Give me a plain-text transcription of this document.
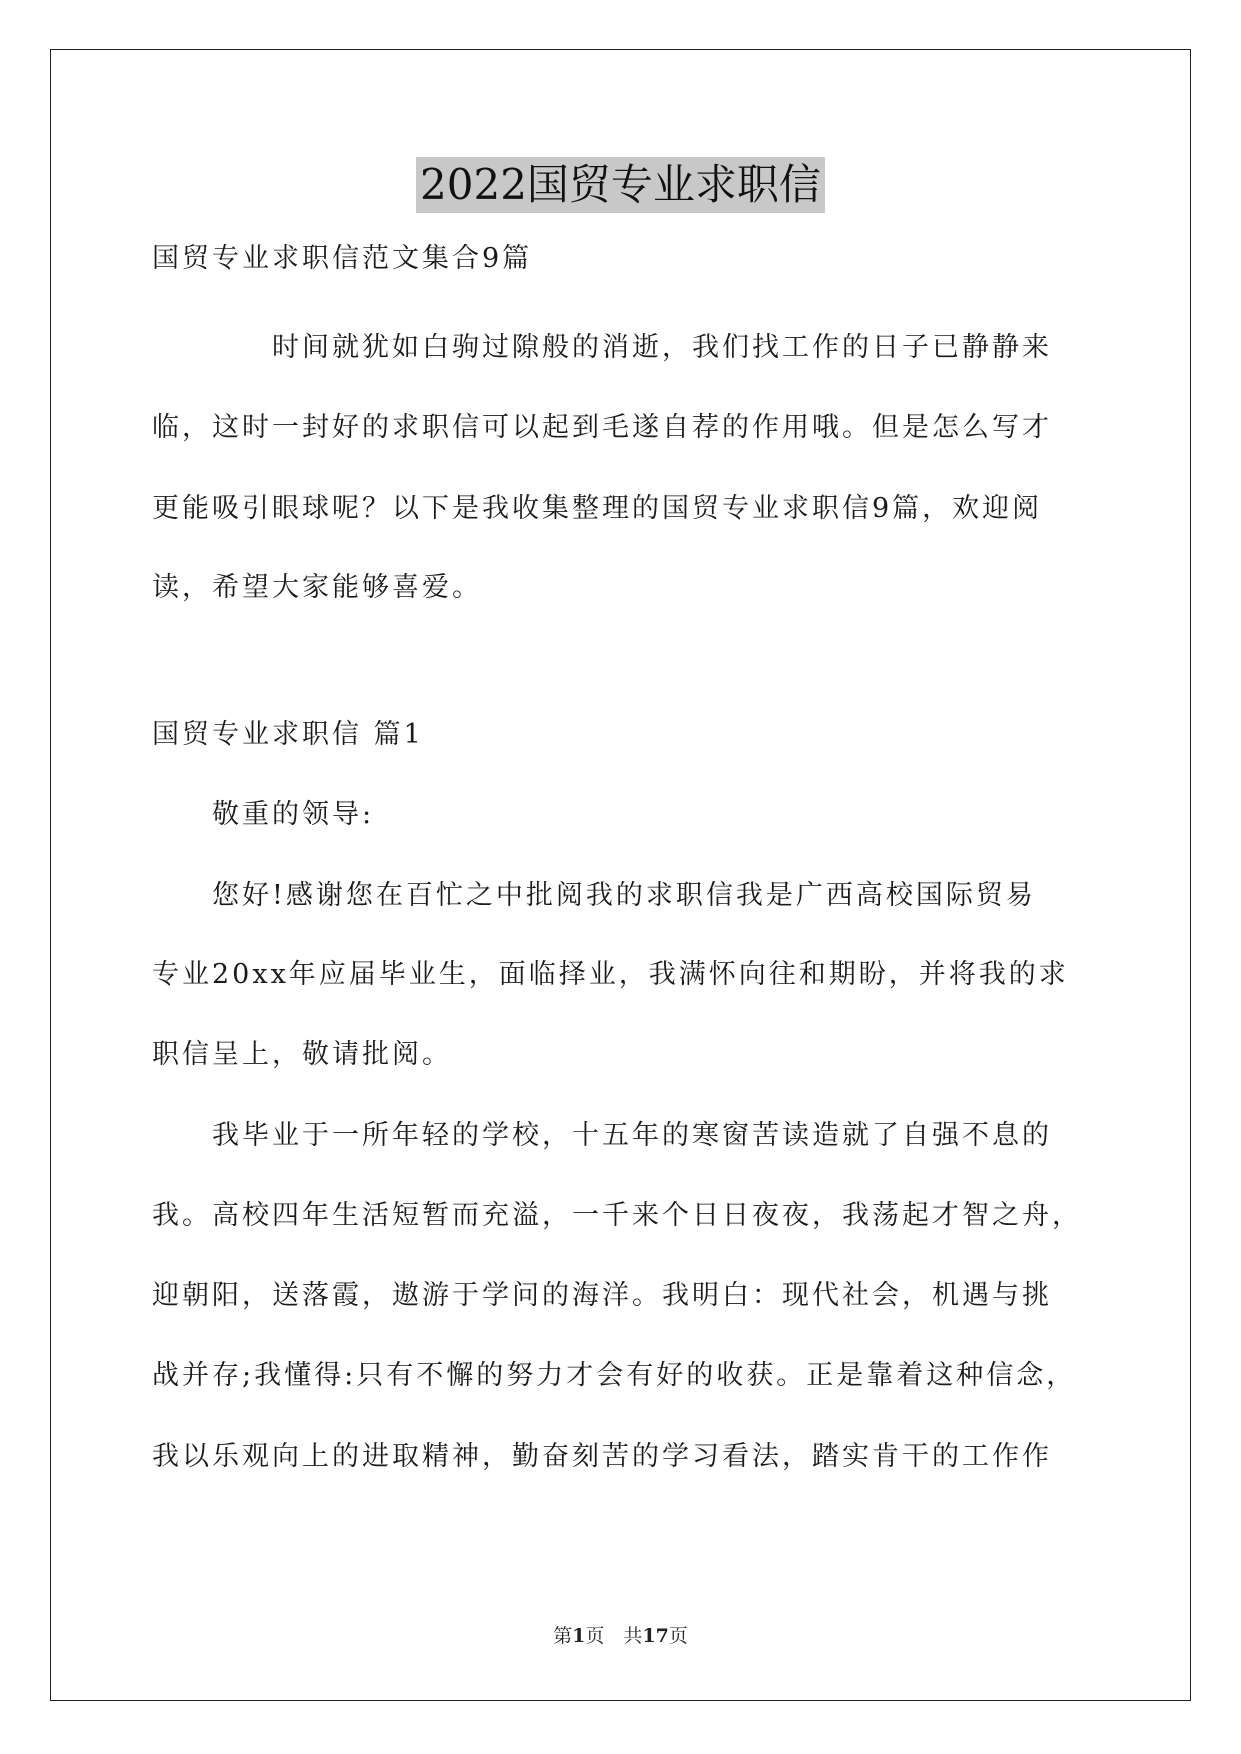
2022国贸专业求职信
国贸专业求职信范文集合9篇
　　　　时间就犹如白驹过隙般的消逝，我们找工作的日子已静静来
临，这时一封好的求职信可以起到毛遂自荐的作用哦。但是怎么写才
更能吸引眼球呢？以下是我收集整理的国贸专业求职信9篇，欢迎阅
读，希望大家能够喜爱。
国贸专业求职信 篇1
　　敬重的领导:
　　您好!感谢您在百忙之中批阅我的求职信我是广西高校国际贸易
专业20xx年应届毕业生，面临择业，我满怀向往和期盼，并将我的求
职信呈上，敬请批阅。
　　我毕业于一所年轻的学校，十五年的寒窗苦读造就了自强不息的
我。高校四年生活短暂而充溢，一千来个日日夜夜，我荡起才智之舟，
迎朝阳，送落霞，遨游于学问的海洋。我明白：现代社会，机遇与挑
战并存;我懂得:只有不懈的努力才会有好的收获。正是靠着这种信念，
我以乐观向上的进取精神，勤奋刻苦的学习看法，踏实肯干的工作作
第1页　共17页
